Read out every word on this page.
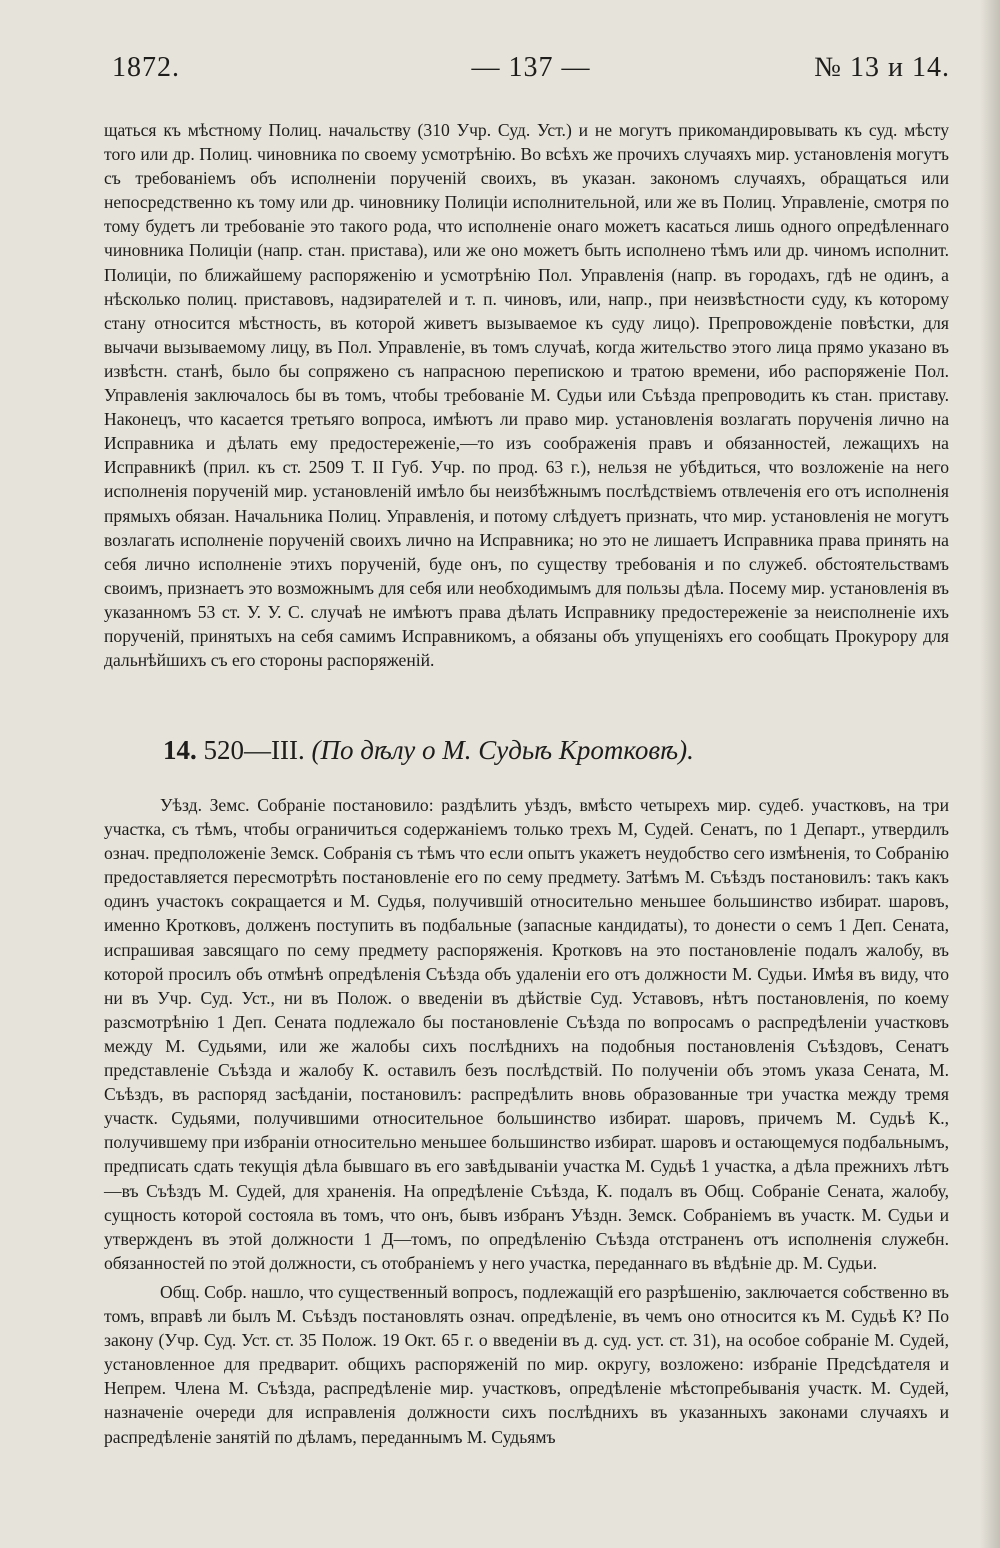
1872.	— 137 —	№ 13 и 14.
щаться къ мѣстному Полиц. начальству (310 Учр. Суд. Уст.) и не могутъ прикомандировывать къ суд. мѣсту того или др. Полиц. чиновника по своему усмотрѣнію. Во всѣхъ же прочихъ случаяхъ мир. установленія могутъ съ требованіемъ объ исполненіи порученій своихъ, въ указан. закономъ случаяхъ, обращаться или непосредственно къ тому или др. чиновнику Полиціи исполнительной, или же въ Полиц. Управленіе, смотря по тому будетъ ли требованіе это такого рода, что исполненіе онаго можетъ касаться лишь одного опредѣленнаго чиновника Полиціи (напр. стан. пристава), или же оно можетъ быть исполнено тѣмъ или др. чиномъ исполнит. Полиціи, по ближайшему распоряженію и усмотрѣнію Пол. Управленія (напр. въ городахъ, гдѣ не одинъ, а нѣсколько полиц. приставовъ, надзирателей и т. п. чиновъ, или, напр., при неизвѣстности суду, къ которому стану относится мѣстность, въ которой живетъ вызываемое къ суду лицо). Препровожденіе повѣстки, для вычачи вызываемому лицу, въ Пол. Управленіе, въ томъ случаѣ, когда жительство этого лица прямо указано въ извѣстн. станѣ, было бы сопряжено съ напрасною перепискою и тратою времени, ибо распоряженіе Пол. Управленія заключалось бы въ томъ, чтобы требованіе М. Судьи или Съѣзда препроводить къ стан. приставу. Наконецъ, что касается третьяго вопроса, имѣютъ ли право мир. установленія возлагать порученія лично на Исправника и дѣлать ему предостереженіе,—то изъ соображенія правъ и обязанностей, лежащихъ на Исправникѣ (прил. къ ст. 2509 Т. II Губ. Учр. по прод. 63 г.), нельзя не убѣдиться, что возложеніе на него исполненія порученій мир. установленій имѣло бы неизбѣжнымъ послѣдствіемъ отвлеченія его отъ исполненія прямыхъ обязан. Начальника Полиц. Управленія, и потому слѣдуетъ признать, что мир. установленія не могутъ возлагать исполненіе порученій своихъ лично на Исправника; но это не лишаетъ Исправника права принять на себя лично исполненіе этихъ порученій, буде онъ, по существу требованія и по служеб. обстоятельствамъ своимъ, признаетъ это возможнымъ для себя или необходимымъ для пользы дѣла. Посему мир. установленія въ указанномъ 53 ст. У. У. С. случаѣ не имѣютъ права дѣлать Исправнику предостереженіе за неисполненіе ихъ порученій, принятыхъ на себя самимъ Исправникомъ, а обязаны объ упущеніяхъ его сообщать Прокурору для дальнѣйшихъ съ его стороны распоряженій.
14. 520—III. (По дѣлу о М. Судьѣ Кротковѣ).
Уѣзд. Земс. Собраніе постановило: раздѣлить уѣздъ, вмѣсто четырехъ мир. судеб. участковъ, на три участка, съ тѣмъ, чтобы ограничиться содержаніемъ только трехъ М, Судей. Сенатъ, по 1 Департ., утвердилъ означ. предположеніе Земск. Собранія съ тѣмъ что если опытъ укажетъ неудобство сего измѣненія, то Собранію предоставляется пересмотрѣть постановленіе его по сему предмету. Затѣмъ М. Съѣздъ постановилъ: такъ какъ одинъ участокъ сокращается и М. Судья, получившій относительно меньшее большинство избират. шаровъ, именно Кротковъ, долженъ поступить въ подбальные (запасные кандидаты), то донести о семъ 1 Деп. Сената, испрашивая завсящаго по сему предмету распоряженія. Кротковъ на это постановленіе подалъ жалобу, въ которой просилъ объ отмѣнѣ опредѣленія Съѣзда объ удаленіи его отъ должности М. Судьи. Имѣя въ виду, что ни въ Учр. Суд. Уст., ни въ Полож. о введеніи въ дѣйствіе Суд. Уставовъ, нѣтъ постановленія, по коему разсмотрѣнію 1 Деп. Сената подлежало бы постановленіе Съѣзда по вопросамъ о распредѣленіи участковъ между М. Судьями, или же жалобы сихъ послѣднихъ на подобныя постановленія Съѣздовъ, Сенатъ представленіе Съѣзда и жалобу К. оставилъ безъ послѣдствій. По полученіи объ этомъ указа Сената, М. Съѣздъ, въ распоряд засѣданіи, постановилъ: распредѣлить вновь образованные три участка между тремя участк. Судьями, получившими относительное большинство избират. шаровъ, причемъ М. Судьѣ К., получившему при избраніи относительно меньшее большинство избират. шаровъ и остающемуся подбальнымъ, предписать сдать текущія дѣла бывшаго въ его завѣдываніи участка М. Судьѣ 1 участка, а дѣла прежнихъ лѣтъ—въ Съѣздъ М. Судей, для храненія. На опредѣленіе Съѣзда, К. подалъ въ Общ. Собраніе Сената, жалобу, сущность которой состояла въ томъ, что онъ, бывъ избранъ Уѣздн. Земск. Собраніемъ въ участк. М. Судьи и утвержденъ въ этой должности 1 Д—томъ, по опредѣленію Съѣзда отстраненъ отъ исполненія служебн. обязанностей по этой должности, съ отобраніемъ у него участка, переданнаго въ вѣдѣніе др. М. Судьи.
Общ. Собр. нашло, что существенный вопросъ, подлежащій его разрѣшенію, заключается собственно въ томъ, вправѣ ли былъ М. Съѣздъ постановлять означ. опредѣленіе, въ чемъ оно относится къ М. Судьѣ К? По закону (Учр. Суд. Уст. ст. 35 Полож. 19 Окт. 65 г. о введеніи въ д. суд. уст. ст. 31), на особое собраніе М. Судей, установленное для предварит. общихъ распоряженій по мир. округу, возложено: избраніе Предсѣдателя и Непрем. Члена М. Съѣзда, распредѣленіе мир. участковъ, опредѣленіе мѣстопребыванія участк. М. Судей, назначеніе очереди для исправленія должности сихъ послѣднихъ въ указанныхъ законами случаяхъ и распредѣленіе занятій по дѣламъ, переданнымъ М. Судьямъ
